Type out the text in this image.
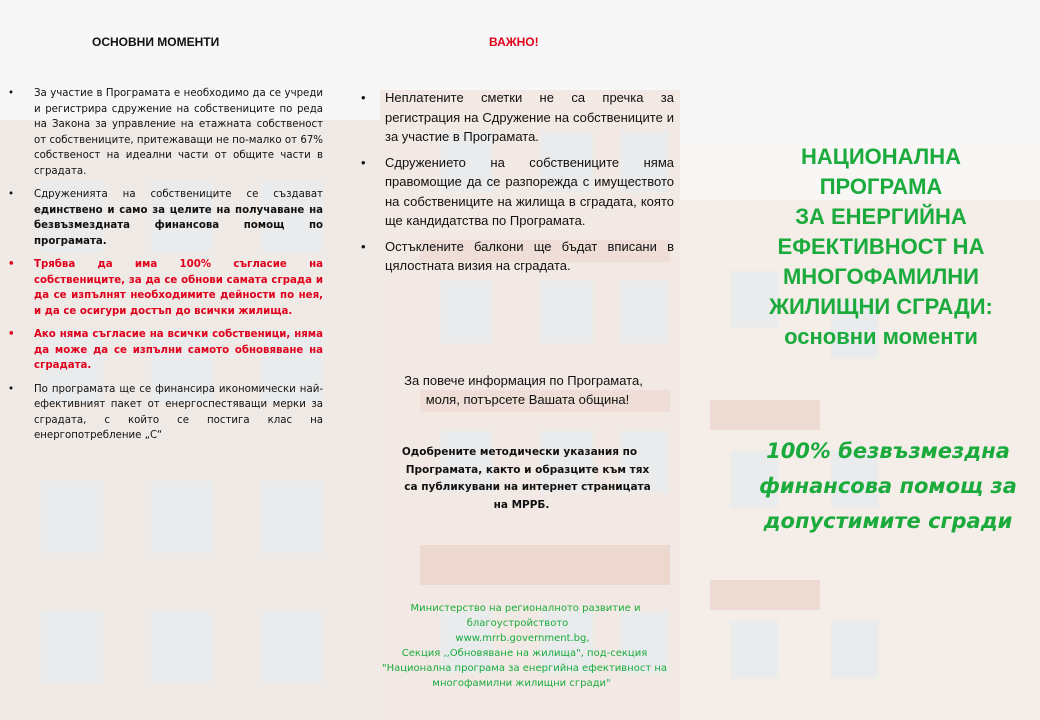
ОСНОВНИ МОМЕНТИ
• За участие в Програмата е необходимо да се учреди и регистрира сдружение на собствениците по реда на Закона за управление на етажната собственост от собствениците, притежаващи не по-малко от 67% собственост на идеални части от общите части в сградата.
• Сдруженията на собствениците се създават единствено и само за целите на получаване на безвъзмездната финансова помощ по програмата.
• Трябва да има 100% съгласие на собствениците, за да се обнови самата сграда и да се изпълнят необходимите дейности по нея, и да се осигури достъп до всички жилища.
• Ако няма съгласие на всички собственици, няма да може да се изпълни самото обновяване на сградата.
• По програмата ще се финансира икономически най-ефективният пакет от енергоспестяващи мерки за сградата, с който се постига клас на енергопотребление „С“
ВАЖНО!
• Неплатените сметки не са пречка за регистрация на Сдружение на собствениците и за участие в Програмата.
• Сдружението на собствениците няма правомощие да се разпорежда с имуществото на собствениците на жилища в сградата, която ще кандидатства по Програмата.
• Остъклените балкони ще бъдат вписани в цялостната визия на сградата.
За повече информация по Програмата,
моля, потърсете Вашата община!
Одобрените методически указания по
Програмата, както и образците към тях
са публикувани на интернет страницата
на МРРБ.
Министерство на регионалното развитие и
благоустройството
www.mrrb.government.bg,
Секция ,,Обновяване на жилища", под-секция
"Национална програма за енергийна ефективност на
многофамилни жилищни сгради"
НАЦИОНАЛНА
ПРОГРАМА
ЗА ЕНЕРГИЙНА
ЕФЕКТИВНОСТ НА
МНОГОФАМИЛНИ
ЖИЛИЩНИ СГРАДИ:
основни моменти
100% безвъзмездна
финансова помощ за
допустимите сгради
